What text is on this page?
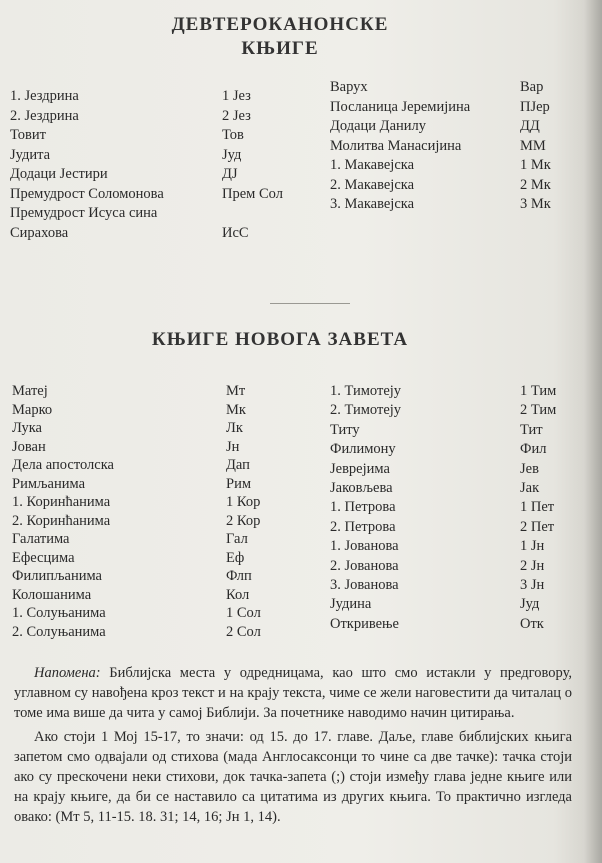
ДЕВТЕРОКАНОНСКЕ
КЊИГЕ
1. Јездрина	1 Јез
2. Јездрина	2 Јез
Товит	Тов
Јудита	Јуд
Додаци Јестири	ДЈ
Премудрост Соломонова	Прем Сол
Премудрост Исуса сина
Сирахова	ИсС
Варух	Вар
Посланица Јеремијина	ПЈер
Додаци Данилу	ДД
Молитва Манасијина	ММ
1. Макавејска	1 Мк
2. Макавејска	2 Мк
3. Макавејска	3 Мк
КЊИГЕ НОВОГА ЗАВЕТА
Матеј	Мт
Марко	Мк
Лука	Лк
Јован	Јн
Дела апостолска	Дап
Римљанима	Рим
1. Коринћанима	1 Кор
2. Коринћанима	2 Кор
Галатима	Гал
Ефесцима	Еф
Филипљанима	Флп
Колошанима	Кол
1. Солуњанима	1 Сол
2. Солуњанима	2 Сол
1. Тимотеју	1 Тим
2. Тимотеју	2 Тим
Титу	Тит
Филимону	Фил
Јеврејима	Јев
Јаковљева	Јак
1. Петрова	1 Пет
2. Петрова	2 Пет
1. Јованова	1 Јн
2. Јованова	2 Јн
3. Јованова	3 Јн
Јудина	Јуд
Откривење	Отк

Напомена: Библијска места у одредницама, као што смо истакли у предговору, углавном су навођена кроз текст и на крају текста, чиме се жели наговестити да читалац о томе има више да чита у самој Библији. За почетнике наводимо начин цитирања.

Ако стоји 1 Мој 15-17, то значи: од 15. до 17. главе. Даље, главе библијских књига запетом смо одвајали од стихова (мада Англосаксонци то чине са две тачке): тачка стоји ако су прескочени неки стихови, док тачка-запета (;) стоји између глава једне књиге или на крају књиге, да би се наставило са цитатима из других књига. То практично изгледа овако: (Мт 5, 11-15. 18. 31; 14, 16; Јн 1, 14).
